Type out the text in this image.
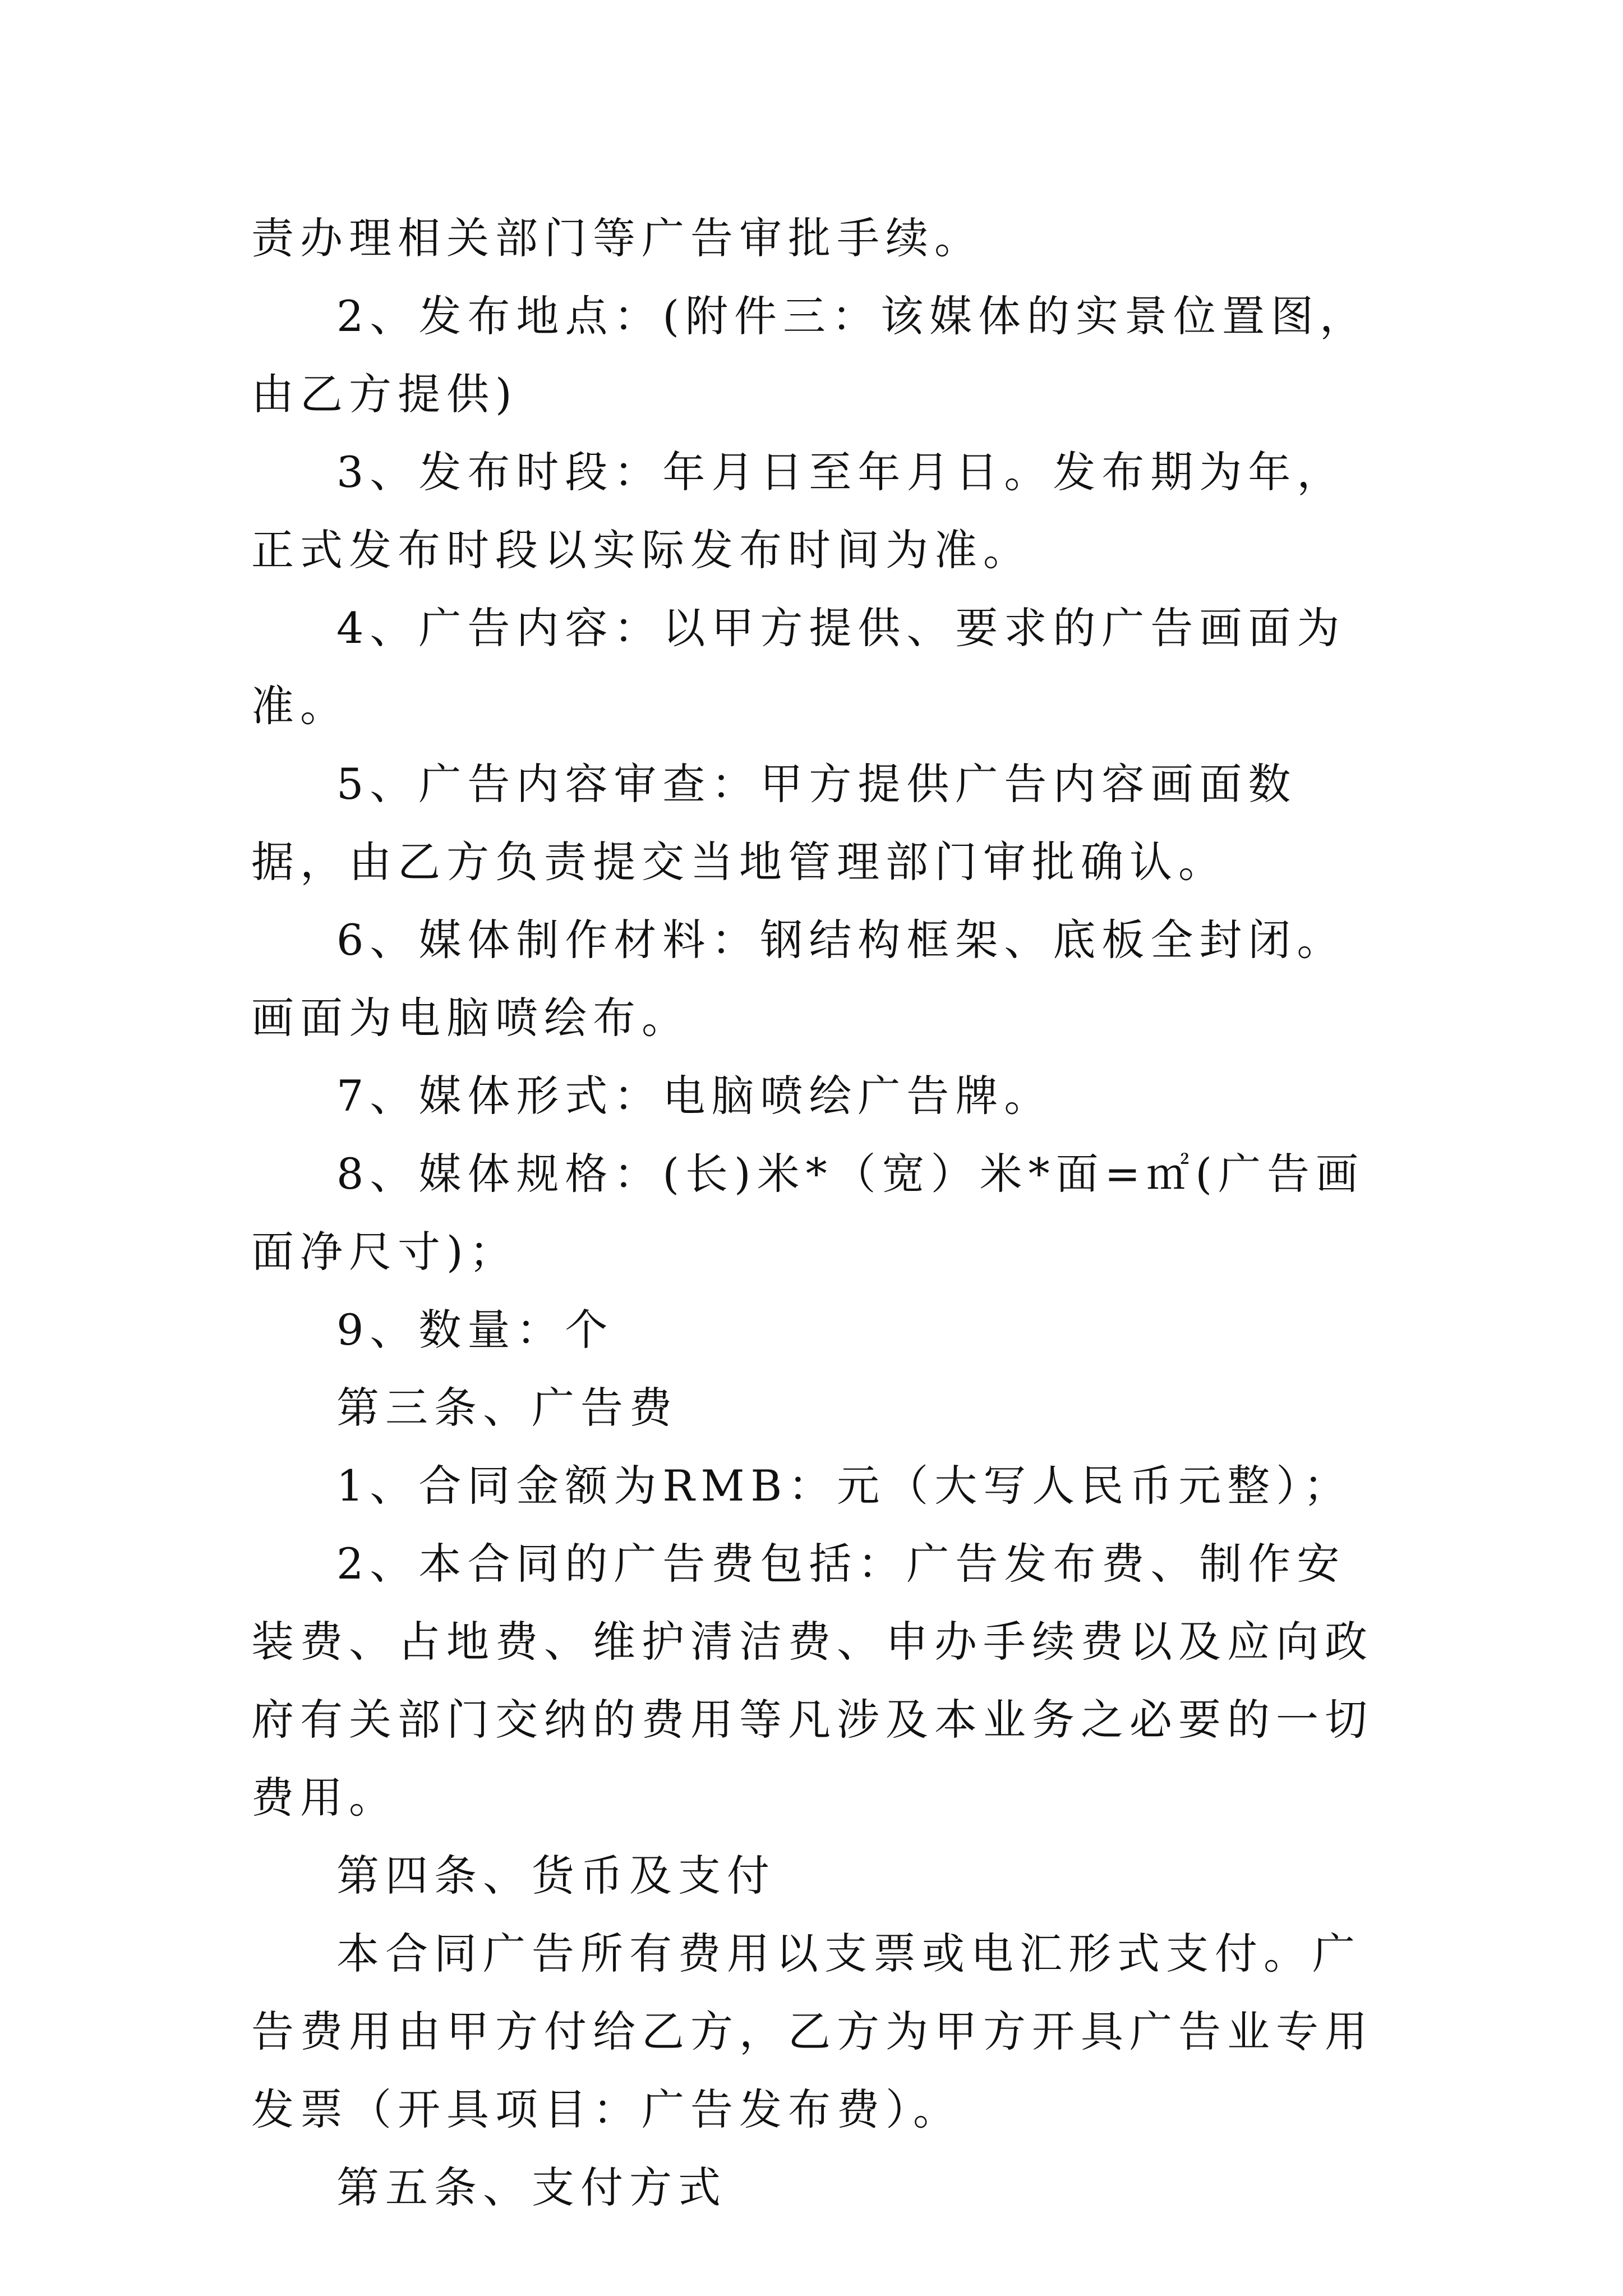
责办理相关部门等广告审批手续。

2、发布地点：(附件三：该媒体的实景位置图，由乙方提供)

3、发布时段：年月日至年月日。发布期为年，正式发布时段以实际发布时间为准。

4、广告内容：以甲方提供、要求的广告画面为准。

5、广告内容审查：甲方提供广告内容画面数据，由乙方负责提交当地管理部门审批确认。

6、媒体制作材料：钢结构框架、底板全封闭。画面为电脑喷绘布。

7、媒体形式：电脑喷绘广告牌。

8、媒体规格：(长)米*（宽）米*面=㎡(广告画面净尺寸)；

9、数量：个

第三条、广告费

1、合同金额为RMB：元（大写人民币元整）；

2、本合同的广告费包括：广告发布费、制作安装费、占地费、维护清洁费、申办手续费以及应向政府有关部门交纳的费用等凡涉及本业务之必要的一切费用。

第四条、货币及支付

本合同广告所有费用以支票或电汇形式支付。广告费用由甲方付给乙方，乙方为甲方开具广告业专用发票（开具项目：广告发布费）。

第五条、支付方式
